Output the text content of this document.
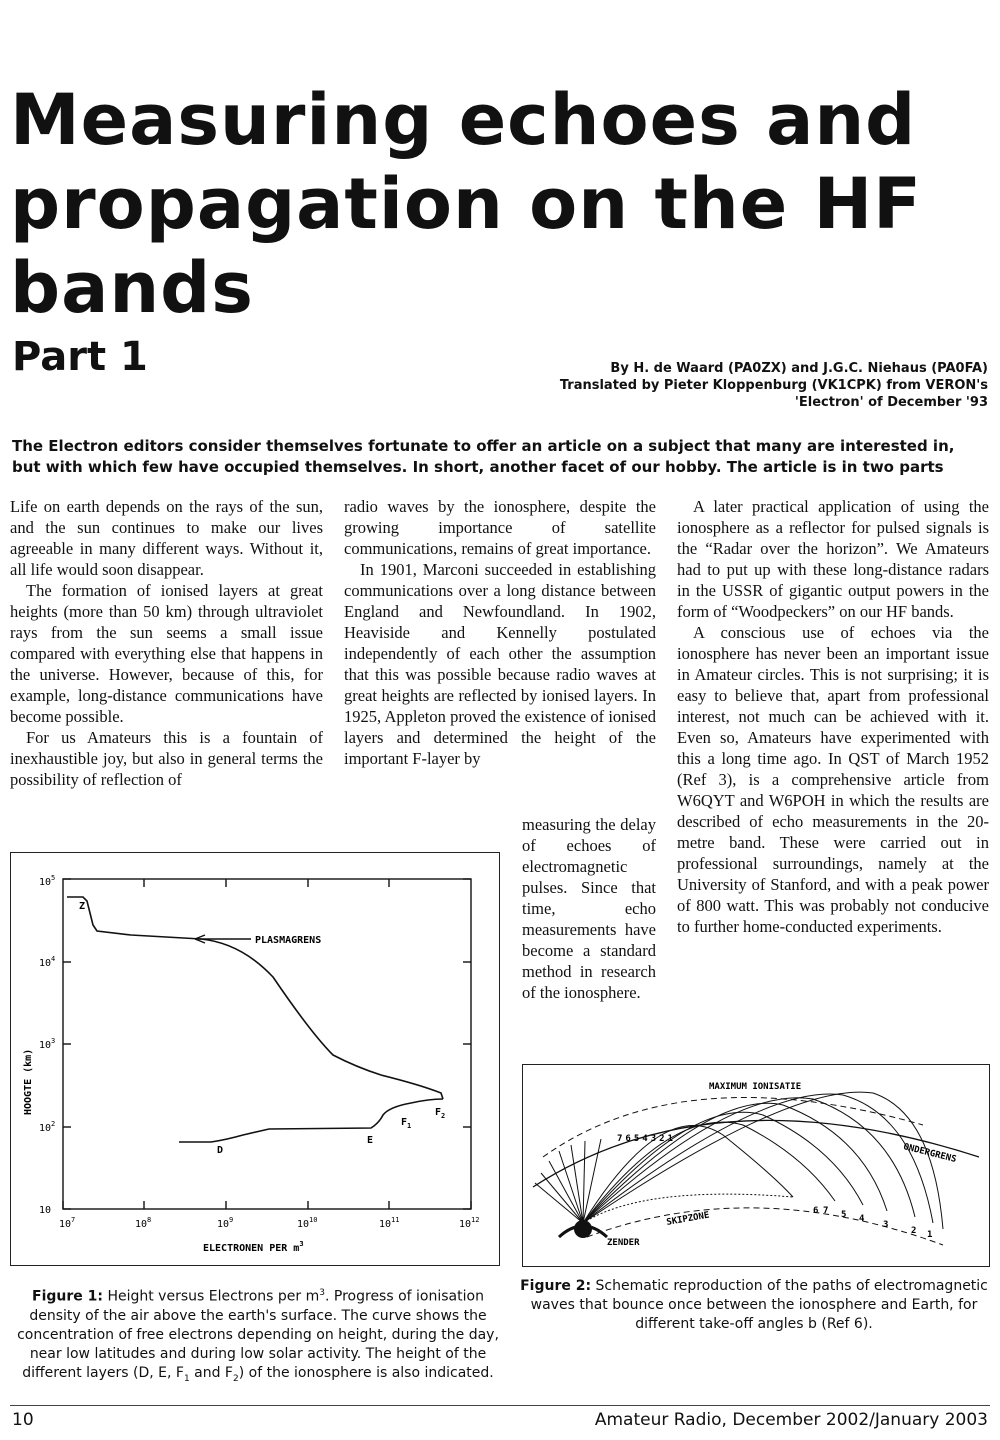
Measuring echoes and propagation on the HF bands
Part 1	By H. de Waard (PA0ZX) and J.G.C. Niehaus (PA0FA)
Translated by Pieter Kloppenburg (VK1CPK) from VERON's
'Electron' of December '93

The Electron editors consider themselves fortunate to offer an article on a subject that many are interested in, but with which few have occupied themselves. In short, another facet of our hobby. The article is in two parts

Life on earth depends on the rays of the sun, and the sun continues to make our lives agreeable in many different ways. Without it, all life would soon disappear.

The formation of ionised layers at great heights (more than 50 km) through ultraviolet rays from the sun seems a small issue compared with everything else that happens in the universe. However, because of this, for example, long-distance communications have become possible.

For us Amateurs this is a fountain of inexhaustible joy, but also in general terms the possibility of reflection of

radio waves by the ionosphere, despite the growing importance of satellite communications, remains of great importance.

In 1901, Marconi succeeded in establishing communications over a long distance between England and Newfoundland. In 1902, Heaviside and Kennelly postulated independently of each other the assumption that this was possible because radio waves at great heights are reflected by ionised layers. In 1925, Appleton proved the existence of ionised layers and determined the height of the important F-layer by

measuring the delay of echoes of electromagnetic pulses. Since that time, echo measurements have become a standard method in research of the ionosphere.

A later practical application of using the ionosphere as a reflector for pulsed signals is the “Radar over the horizon”. We Amateurs had to put up with these long-distance radars in the USSR of gigantic output powers in the form of “Woodpeckers” on our HF bands.

A conscious use of echoes via the ionosphere has never been an important issue in Amateur circles. This is not surprising; it is easy to believe that, apart from professional interest, not much can be achieved with it. Even so, Amateurs have experimented with this a long time ago. In QST of March 1952 (Ref 3), is a comprehensive article from W6QYT and W6POH in which the results are described of echo measurements in the 20-metre band. These were carried out in professional surroundings, namely at the University of Stanford, and with a peak power of 800 watt. This was probably not conducive to further home-conducted experiments.

PLASMAGRENS
Z
D
E
$F_1$
$F_2$
10
$10^2$
$10^3$
$10^4$
$10^5$
$10^7$	$10^8$	$10^9$	$10^{10}$	$10^{11}$	$10^{12}$
ELECTRONEN PER $m^3$
HOOGTE (km)	MAXIMUM IONISATIE
ONDERGRENS
SKIPZONE
ZENDER
7 6 5 4 3 2 1
6 7 5 4
3
2 1
Figure 1: Height versus Electrons per $m^3$. Progress of ionisation density of the air above the earth's surface. The curve shows the concentration of free electrons depending on height, during the day, near low latitudes and during low solar activity. The height of the different layers (D, E, $F_1$ and $F_2$) of the ionosphere is also indicated.
Figure 2: Schematic reproduction of the paths of electromagnetic waves that bounce once between the ionosphere and Earth, for different take-off angles b (Ref 6).
10	Amateur Radio, December 2002/January 2003
